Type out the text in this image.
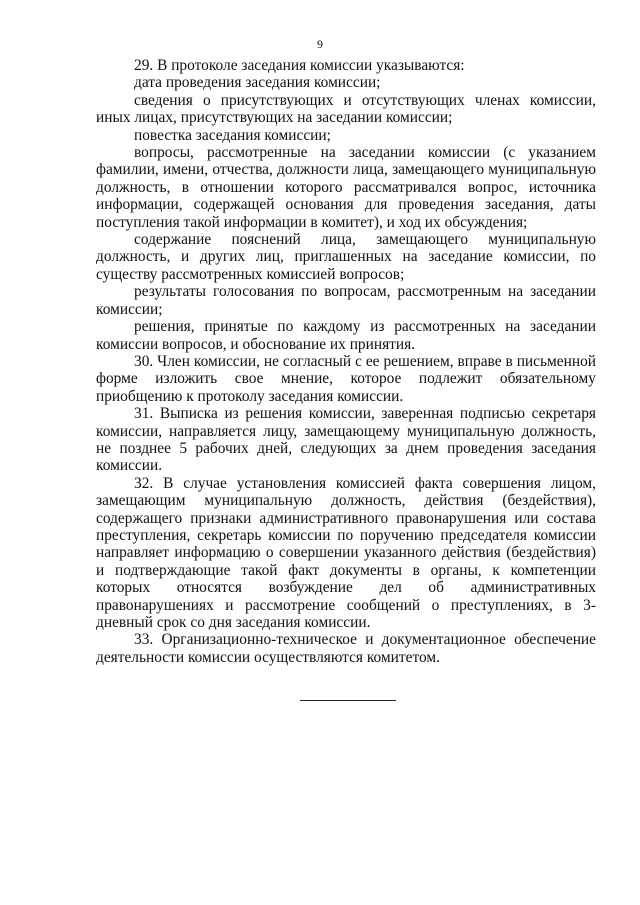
9

29. В протоколе заседания комиссии указываются:

дата проведения заседания комиссии;

сведения о присутствующих и отсутствующих членах комиссии, иных лицах, присутствующих на заседании комиссии;

повестка заседания комиссии;

вопросы, рассмотренные на заседании комиссии (с указанием фамилии, имени, отчества, должности лица, замещающего муниципальную должность, в отношении которого рассматривался вопрос, источника информации, содержащей основания для проведения заседания, даты поступления такой информации в комитет), и ход их обсуждения;

содержание пояснений лица, замещающего муниципальную должность, и других лиц, приглашенных на заседание комиссии, по существу рассмотренных комиссией вопросов;

результаты голосования по вопросам, рассмотренным на заседании комиссии;

решения, принятые по каждому из рассмотренных на заседании комиссии вопросов, и обоснование их принятия.

30. Член комиссии, не согласный с ее решением, вправе в письменной форме изложить свое мнение, которое подлежит обязательному приобщению к протоколу заседания комиссии.

31. Выписка из решения комиссии, заверенная подписью секретаря комиссии, направляется лицу, замещающему муниципальную должность, не позднее 5 рабочих дней, следующих за днем проведения заседания комиссии.

32. В случае установления комиссией факта совершения лицом, замещающим муниципальную должность, действия (бездействия), содержащего признаки административного правонарушения или состава преступления, секретарь комиссии по поручению председателя комиссии направляет информацию о совершении указанного действия (бездействия) и подтверждающие такой факт документы в органы, к компетенции которых относятся возбуждение дел об административных правонарушениях и рассмотрение сообщений о преступлениях, в 3-дневный срок со дня заседания комиссии.

33. Организационно-техническое и документационное обеспечение деятельности комиссии осуществляются комитетом.
